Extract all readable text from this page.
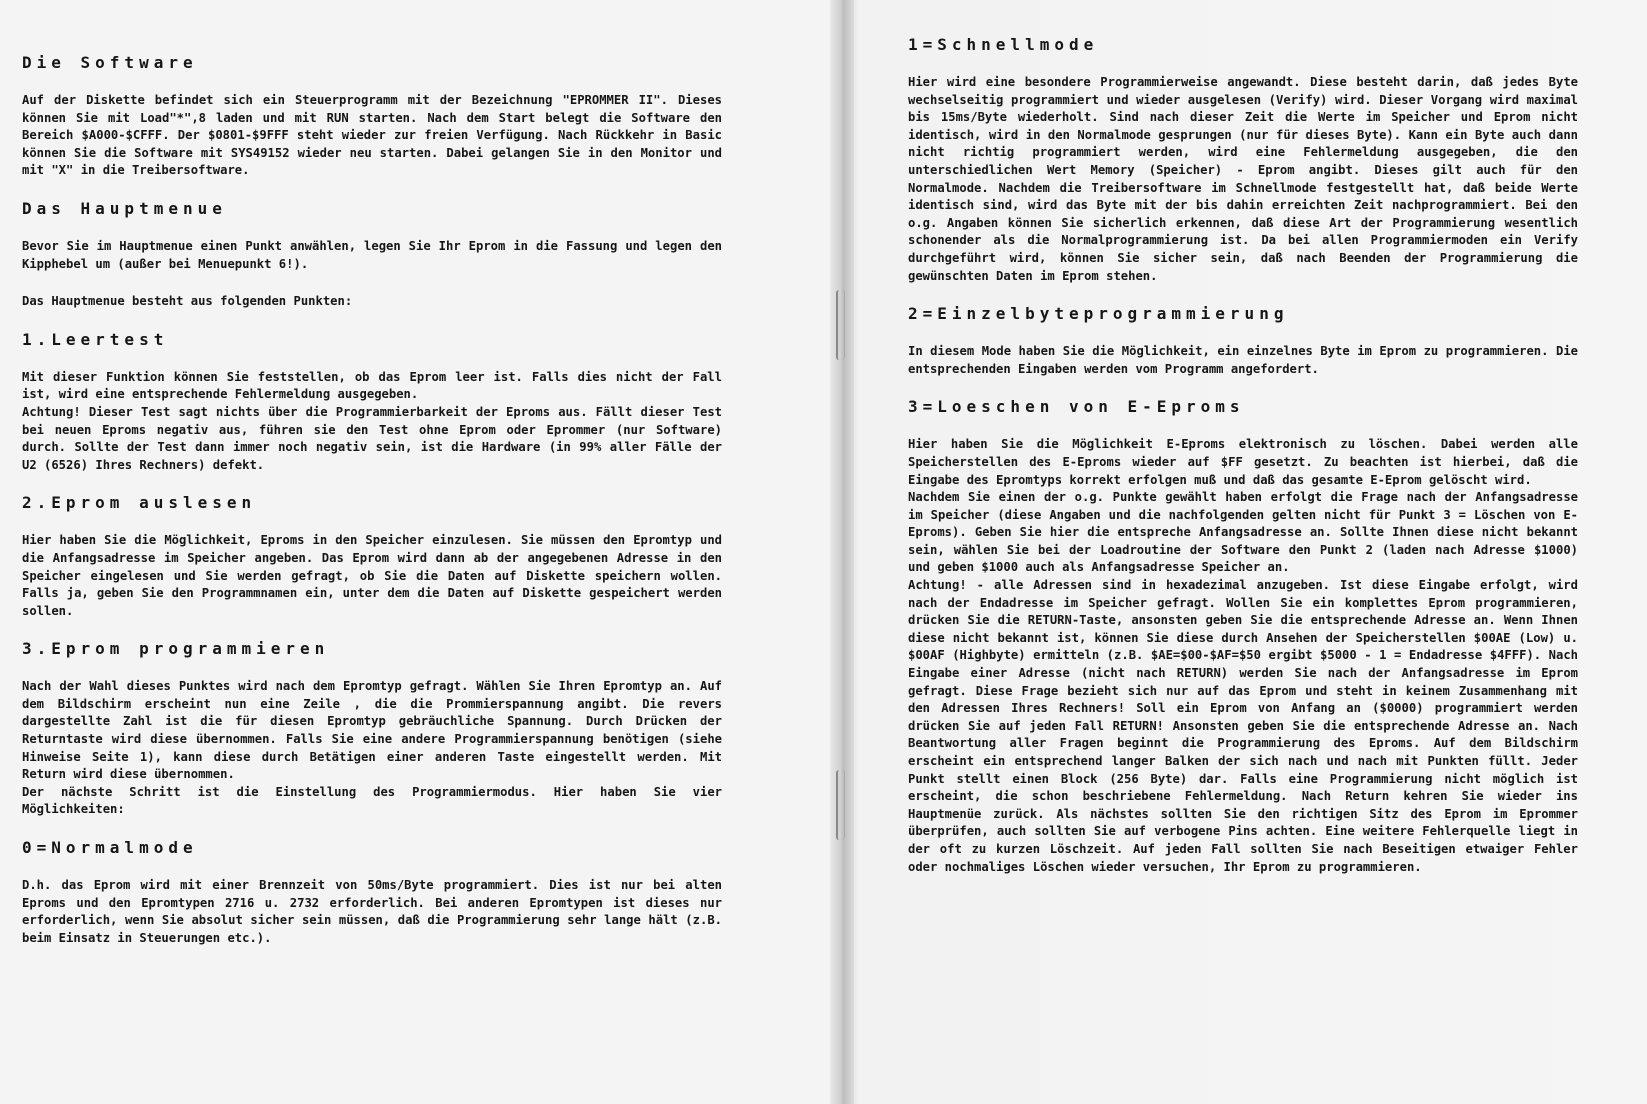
Die Software

Auf der Diskette befindet sich ein Steuerprogramm mit der Bezeichnung "EPROMMER II". Dieses können Sie mit Load"*",8 laden und mit RUN starten. Nach dem Start belegt die Software den Bereich $A000-$CFFF. Der $0801-$9FFF steht wieder zur freien Verfügung. Nach Rückkehr in Basic können Sie die Software mit SYS49152 wieder neu starten. Dabei gelangen Sie in den Monitor und mit "X" in die Treibersoftware.

Das Hauptmenue

Bevor Sie im Hauptmenue einen Punkt anwählen, legen Sie Ihr Eprom in die Fassung und legen den Kipphebel um (außer bei Menuepunkt 6!).

Das Hauptmenue besteht aus folgenden Punkten:

1.Leertest

Mit dieser Funktion können Sie feststellen, ob das Eprom leer ist. Falls dies nicht der Fall ist, wird eine entsprechende Fehlermeldung ausgegeben.
Achtung! Dieser Test sagt nichts über die Programmierbarkeit der Eproms aus. Fällt dieser Test bei neuen Eproms negativ aus, führen sie den Test ohne Eprom oder Eprommer (nur Software) durch. Sollte der Test dann immer noch negativ sein, ist die Hardware (in 99% aller Fälle der U2 (6526) Ihres Rechners) defekt.

2.Eprom auslesen

Hier haben Sie die Möglichkeit, Eproms in den Speicher einzulesen. Sie müssen den Epromtyp und die Anfangsadresse im Speicher angeben. Das Eprom wird dann ab der angegebenen Adresse in den Speicher eingelesen und Sie werden gefragt, ob Sie die Daten auf Diskette speichern wollen. Falls ja, geben Sie den Programmnamen ein, unter dem die Daten auf Diskette gespeichert werden sollen.

3.Eprom programmieren

Nach der Wahl dieses Punktes wird nach dem Epromtyp gefragt. Wählen Sie Ihren Epromtyp an. Auf dem Bildschirm erscheint nun eine Zeile , die die Prommierspannung angibt. Die revers dargestellte Zahl ist die für diesen Epromtyp gebräuchliche Spannung. Durch Drücken der Returntaste wird diese übernommen. Falls Sie eine andere Programmierspannung benötigen (siehe Hinweise Seite 1), kann diese durch Betätigen einer anderen Taste eingestellt werden. Mit Return wird diese übernommen.
Der nächste Schritt ist die Einstellung des Programmiermodus. Hier haben Sie vier Möglichkeiten:

0=Normalmode

D.h. das Eprom wird mit einer Brennzeit von 50ms/Byte programmiert. Dies ist nur bei alten Eproms und den Epromtypen 2716 u. 2732 erforderlich. Bei anderen Epromtypen ist dieses nur erforderlich, wenn Sie absolut sicher sein müssen, daß die Programmierung sehr lange hält (z.B. beim Einsatz in Steuerungen etc.).

1=Schnellmode

Hier wird eine besondere Programmierweise angewandt. Diese besteht darin, daß jedes Byte wechselseitig programmiert und wieder ausgelesen (Verify) wird. Dieser Vorgang wird maximal bis 15ms/Byte wiederholt. Sind nach dieser Zeit die Werte im Speicher und Eprom nicht identisch, wird in den Normalmode gesprungen (nur für dieses Byte). Kann ein Byte auch dann nicht richtig programmiert werden, wird eine Fehlermeldung ausgegeben, die den unterschiedlichen Wert Memory (Speicher) - Eprom angibt. Dieses gilt auch für den Normalmode. Nachdem die Treibersoftware im Schnellmode festgestellt hat, daß beide Werte identisch sind, wird das Byte mit der bis dahin erreichten Zeit nachprogrammiert. Bei den o.g. Angaben können Sie sicherlich erkennen, daß diese Art der Programmierung wesentlich schonender als die Normalprogrammierung ist. Da bei allen Programmiermoden ein Verify durchgeführt wird, können Sie sicher sein, daß nach Beenden der Programmierung die gewünschten Daten im Eprom stehen.

2=Einzelbyteprogrammierung

In diesem Mode haben Sie die Möglichkeit, ein einzelnes Byte im Eprom zu programmieren. Die entsprechenden Eingaben werden vom Programm angefordert.

3=Loeschen von E-Eproms

Hier haben Sie die Möglichkeit E-Eproms elektronisch zu löschen. Dabei werden alle Speicherstellen des E-Eproms wieder auf $FF gesetzt. Zu beachten ist hierbei, daß die Eingabe des Epromtyps korrekt erfolgen muß und daß das gesamte E-Eprom gelöscht wird.
Nachdem Sie einen der o.g. Punkte gewählt haben erfolgt die Frage nach der Anfangsadresse im Speicher (diese Angaben und die nachfolgenden gelten nicht für Punkt 3 = Löschen von E-Eproms). Geben Sie hier die entspreche Anfangsadresse an. Sollte Ihnen diese nicht bekannt sein, wählen Sie bei der Loadroutine der Software den Punkt 2 (laden nach Adresse $1000) und geben $1000 auch als Anfangsadresse Speicher an.
Achtung! - alle Adressen sind in hexadezimal anzugeben. Ist diese Eingabe erfolgt, wird nach der Endadresse im Speicher gefragt. Wollen Sie ein komplettes Eprom programmieren, drücken Sie die RETURN-Taste, ansonsten geben Sie die entsprechende Adresse an. Wenn Ihnen diese nicht bekannt ist, können Sie diese durch Ansehen der Speicherstellen $00AE (Low) u. $00AF (Highbyte) ermitteln (z.B. $AE=$00-$AF=$50 ergibt $5000 - 1 = Endadresse $4FFF). Nach Eingabe einer Adresse (nicht nach RETURN) werden Sie nach der Anfangsadresse im Eprom gefragt. Diese Frage bezieht sich nur auf das Eprom und steht in keinem Zusammenhang mit den Adressen Ihres Rechners! Soll ein Eprom von Anfang an ($0000) programmiert werden drücken Sie auf jeden Fall RETURN! Ansonsten geben Sie die entsprechende Adresse an. Nach Beantwortung aller Fragen beginnt die Programmierung des Eproms. Auf dem Bildschirm erscheint ein entsprechend langer Balken der sich nach und nach mit Punkten füllt. Jeder Punkt stellt einen Block (256 Byte) dar. Falls eine Programmierung nicht möglich ist erscheint, die schon beschriebene Fehlermeldung. Nach Return kehren Sie wieder ins Hauptmenüe zurück. Als nächstes sollten Sie den richtigen Sitz des Eprom im Eprommer überprüfen, auch sollten Sie auf verbogene Pins achten. Eine weitere Fehlerquelle liegt in der oft zu kurzen Löschzeit. Auf jeden Fall sollten Sie nach Beseitigen etwaiger Fehler oder nochmaliges Löschen wieder versuchen, Ihr Eprom zu programmieren.
